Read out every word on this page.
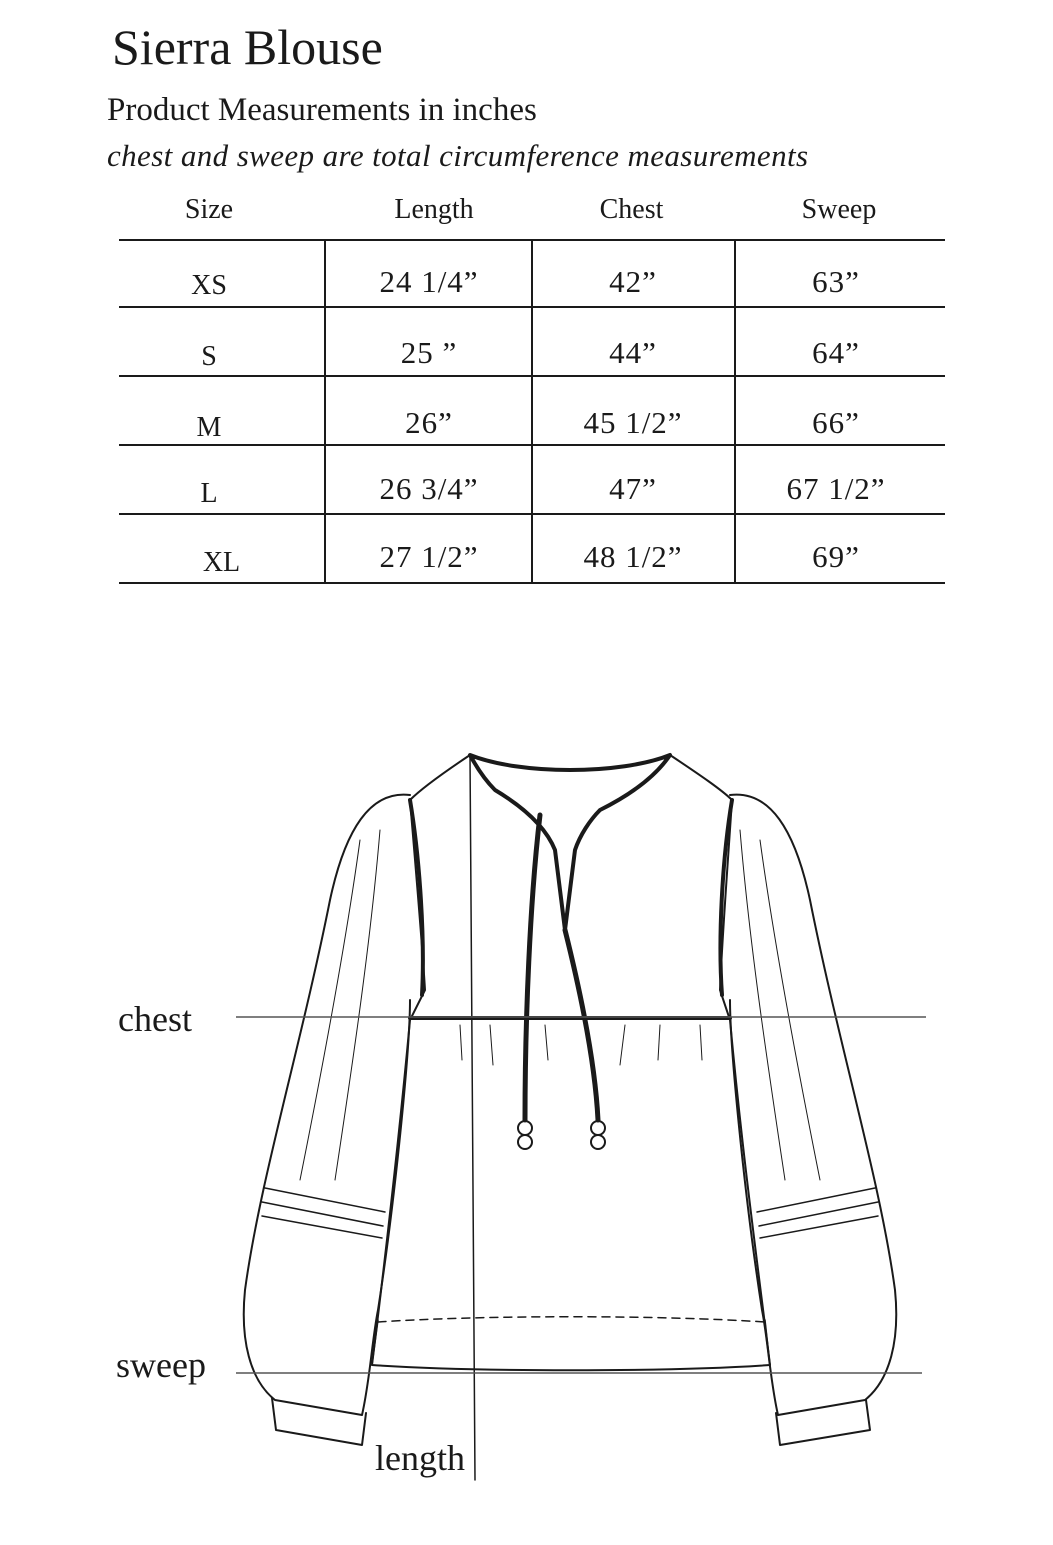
Sierra Blouse
Product Measurements in inches
chest and sweep are total circumference measurements
Size	Length	Chest	Sweep
XS	24 1/4”	42”	63”
S	25 ”	44”	64”
M	26”	45 1/2”	66”
L	26 3/4”	47”	67 1/2”
XL	27 1/2”	48 1/2”	69”
chest
sweep
length
